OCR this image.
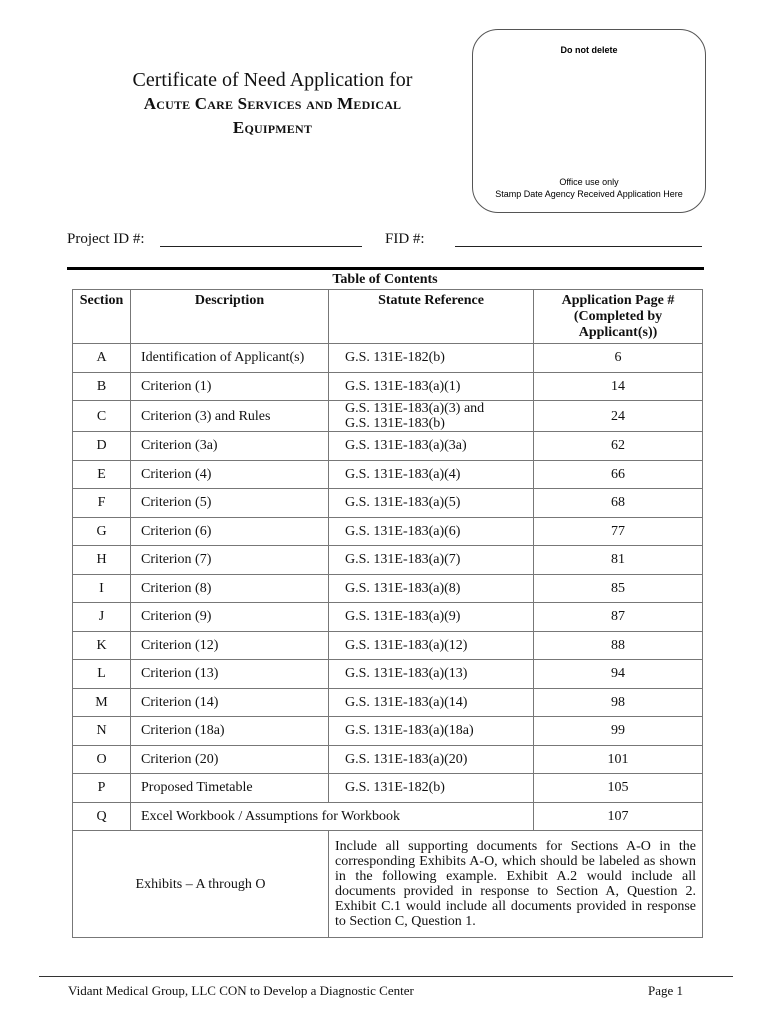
Certificate of Need Application for
Acute Care Services and Medical
Equipment
Do not delete
Office use only
Stamp Date Agency Received Application Here
Project ID #:	FID #:
Table of Contents
Section	Description	Statute Reference	Application Page # (Completed by Applicant(s))
A	Identification of Applicant(s)	G.S. 131E-182(b)	6
B	Criterion (1)	G.S. 131E-183(a)(1)	14
C	Criterion (3) and Rules	G.S. 131E-183(a)(3) and G.S. 131E-183(b)	24
D	Criterion (3a)	G.S. 131E-183(a)(3a)	62
E	Criterion (4)	G.S. 131E-183(a)(4)	66
F	Criterion (5)	G.S. 131E-183(a)(5)	68
G	Criterion (6)	G.S. 131E-183(a)(6)	77
H	Criterion (7)	G.S. 131E-183(a)(7)	81
I	Criterion (8)	G.S. 131E-183(a)(8)	85
J	Criterion (9)	G.S. 131E-183(a)(9)	87
K	Criterion (12)	G.S. 131E-183(a)(12)	88
L	Criterion (13)	G.S. 131E-183(a)(13)	94
M	Criterion (14)	G.S. 131E-183(a)(14)	98
N	Criterion (18a)	G.S. 131E-183(a)(18a)	99
O	Criterion (20)	G.S. 131E-183(a)(20)	101
P	Proposed Timetable	G.S. 131E-182(b)	105
Q	Excel Workbook / Assumptions for Workbook		107
Exhibits – A through O		Include all supporting documents for Sections A-O in the corresponding Exhibits A-O, which should be labeled as shown in the following example. Exhibit A.2 would include all documents provided in response to Section A, Question 2. Exhibit C.1 would include all documents provided in response to Section C, Question 1.	
Vidant Medical Group, LLC CON to Develop a Diagnostic Center	Page 1
